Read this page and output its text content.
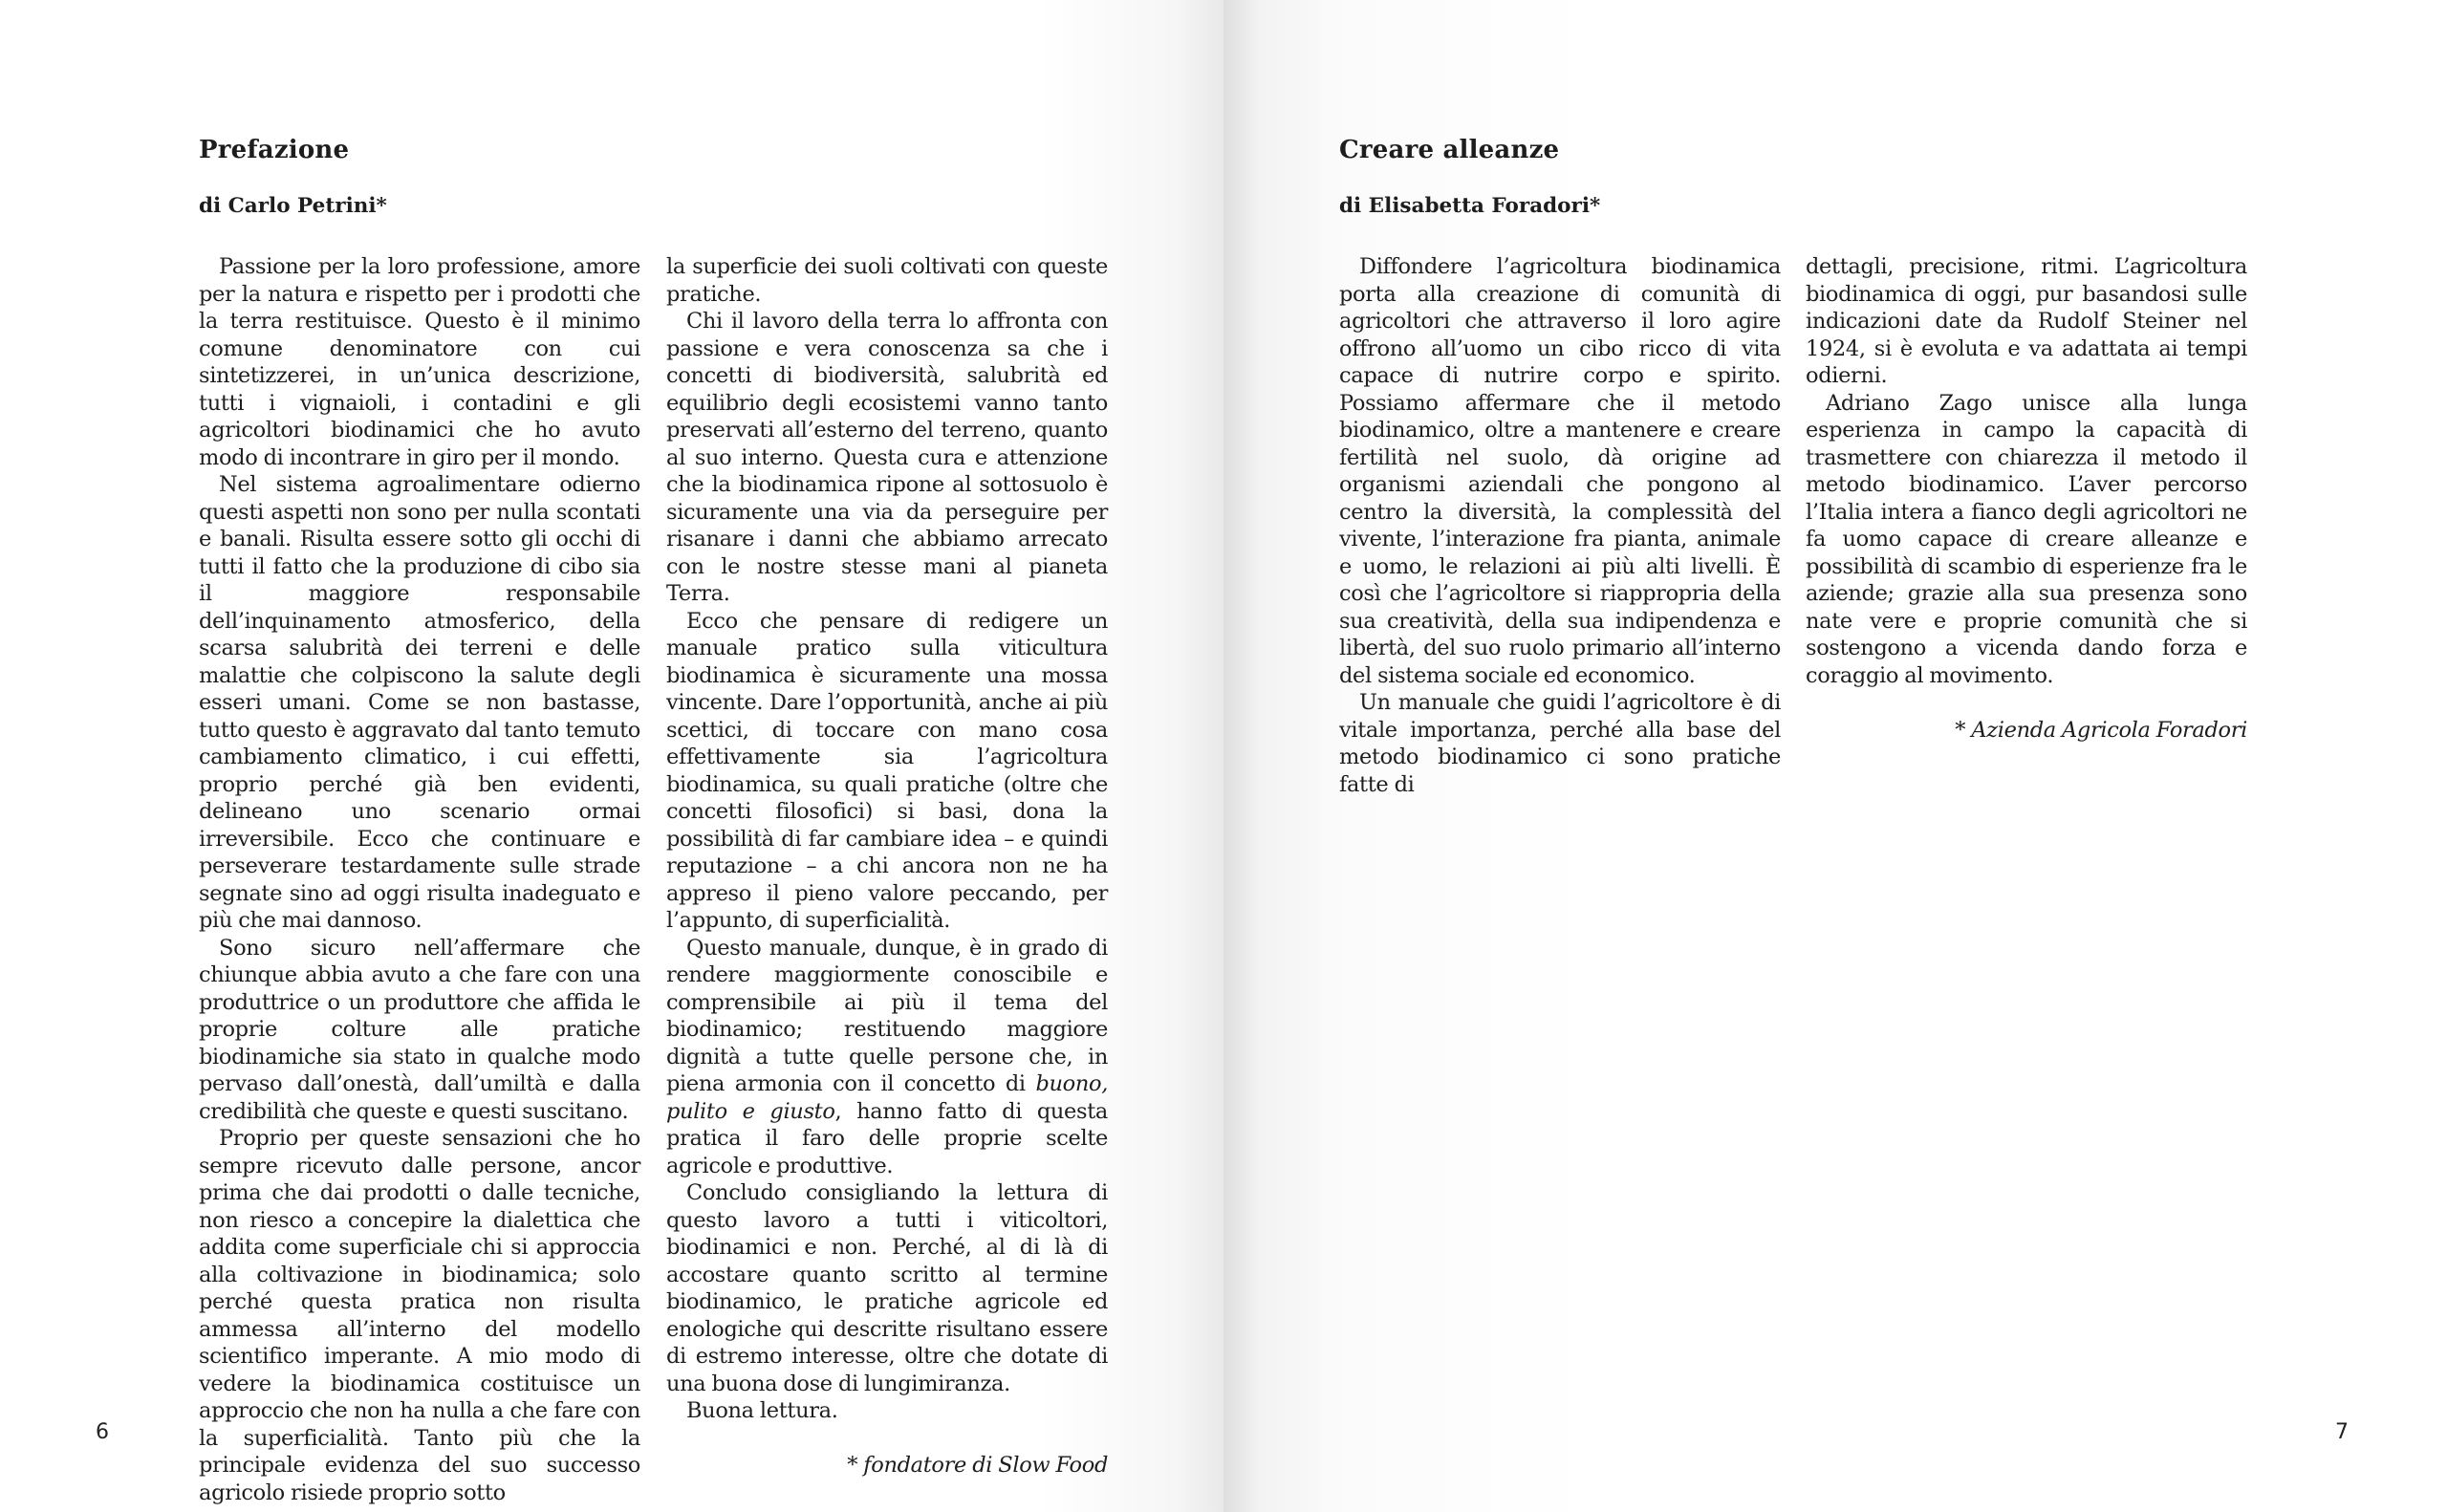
Prefazione
di Carlo Petrini*

Passione per la loro professione, amore per la natura e rispetto per i prodotti che la terra restituisce. Questo è il minimo comune denominatore con cui sintetizzerei, in un’unica descrizione, tutti i vignaioli, i contadini e gli agricoltori biodinamici che ho avuto modo di incontrare in giro per il mondo.

Nel sistema agroalimentare odierno questi aspetti non sono per nulla scontati e banali. Risulta essere sotto gli occhi di tutti il fatto che la produzione di cibo sia il maggiore responsabile dell’inquinamento atmosferico, della scarsa salubrità dei terreni e delle malattie che colpiscono la salute degli esseri umani. Come se non bastasse, tutto questo è aggravato dal tanto temuto cambiamento climatico, i cui effetti, proprio perché già ben evidenti, delineano uno scenario ormai irreversibile. Ecco che continuare e perseverare testardamente sulle strade segnate sino ad oggi risulta inadeguato e più che mai dannoso.

Sono sicuro nell’affermare che chiunque abbia avuto a che fare con una produttrice o un produttore che affida le proprie colture alle pratiche biodinamiche sia stato in qualche modo pervaso dall’onestà, dall’umiltà e dalla credibilità che queste e questi suscitano.

Proprio per queste sensazioni che ho sempre ricevuto dalle persone, ancor prima che dai prodotti o dalle tecniche, non riesco a concepire la dialettica che addita come superficiale chi si approccia alla coltivazione in biodinamica; solo perché questa pratica non risulta ammessa all’interno del modello scientifico imperante. A mio modo di vedere la biodinamica costituisce un approccio che non ha nulla a che fare con la superficialità. Tanto più che la principale evidenza del suo successo agricolo risiede proprio sotto

la superficie dei suoli coltivati con queste pratiche.

Chi il lavoro della terra lo affronta con passione e vera conoscenza sa che i concetti di biodiversità, salubrità ed equilibrio degli ecosistemi vanno tanto preservati all’esterno del terreno, quanto al suo interno. Questa cura e attenzione che la biodinamica ripone al sottosuolo è sicuramente una via da perseguire per risanare i danni che abbiamo arrecato con le nostre stesse mani al pianeta Terra.

Ecco che pensare di redigere un manuale pratico sulla viticultura biodinamica è sicuramente una mossa vincente. Dare l’opportunità, anche ai più scettici, di toccare con mano cosa effettivamente sia l’agricoltura biodinamica, su quali pratiche (oltre che concetti filosofici) si basi, dona la possibilità di far cambiare idea – e quindi reputazione – a chi ancora non ne ha appreso il pieno valore peccando, per l’appunto, di superficialità.

Questo manuale, dunque, è in grado di rendere maggiormente conoscibile e comprensibile ai più il tema del biodinamico; restituendo maggiore dignità a tutte quelle persone che, in piena armonia con il concetto di buono, pulito e giusto, hanno fatto di questa pratica il faro delle proprie scelte agricole e produttive.

Concludo consigliando la lettura di questo lavoro a tutti i viticoltori, biodinamici e non. Perché, al di là di accostare quanto scritto al termine biodinamico, le pratiche agricole ed enologiche qui descritte risultano essere di estremo interesse, oltre che dotate di una buona dose di lungimiranza.

Buona lettura.

* fondatore di Slow Food

6
Creare alleanze
di Elisabetta Foradori*

Diffondere l’agricoltura biodinamica porta alla creazione di comunità di agricoltori che attraverso il loro agire offrono all’uomo un cibo ricco di vita capace di nutrire corpo e spirito. Possiamo affermare che il metodo biodinamico, oltre a mantenere e creare fertilità nel suolo, dà origine ad organismi aziendali che pongono al centro la diversità, la complessità del vivente, l’interazione fra pianta, animale e uomo, le relazioni ai più alti livelli. È così che l’agricoltore si riappropria della sua creatività, della sua indipendenza e libertà, del suo ruolo primario all’interno del sistema sociale ed economico.

Un manuale che guidi l’agricoltore è di vitale importanza, perché alla base del metodo biodinamico ci sono pratiche fatte di

dettagli, precisione, ritmi. L’agricoltura biodinamica di oggi, pur basandosi sulle indicazioni date da Rudolf Steiner nel 1924, si è evoluta e va adattata ai tempi odierni.

Adriano Zago unisce alla lunga esperienza in campo la capacità di trasmettere con chiarezza il metodo il metodo biodinamico. L’aver percorso l’Italia intera a fianco degli agricoltori ne fa uomo capace di creare alleanze e possibilità di scambio di esperienze fra le aziende; grazie alla sua presenza sono nate vere e proprie comunità che si sostengono a vicenda dando forza e coraggio al movimento.

* Azienda Agricola Foradori

7
